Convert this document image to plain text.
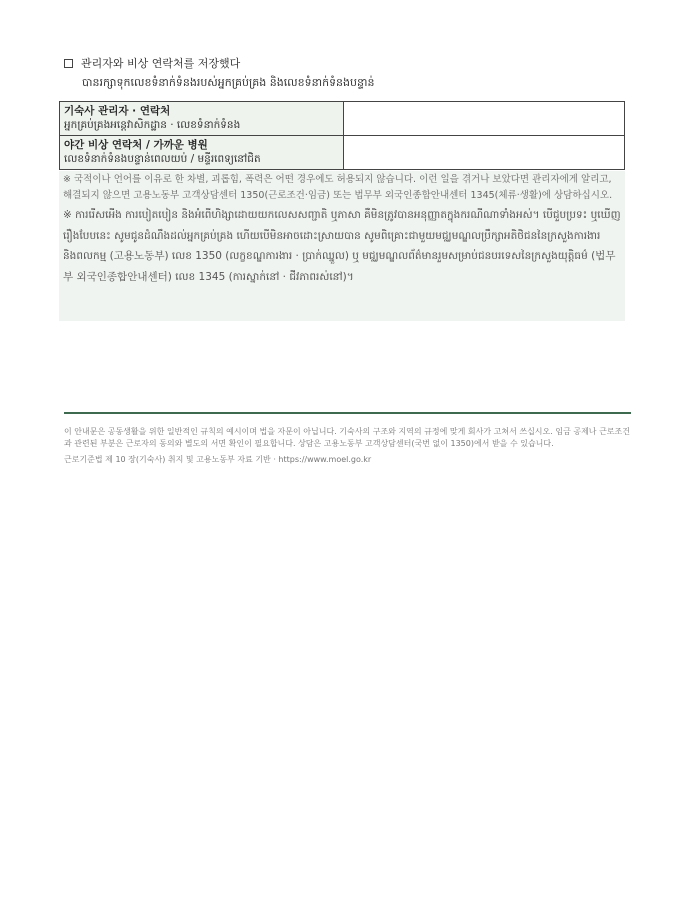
관리자와 비상 연락처를 저장했다
បានរក្សាទុកលេខទំនាក់ទំនងរបស់អ្នកគ្រប់គ្រង និងលេខទំនាក់ទំនងបន្ទាន់
기숙사 관리자 · 연락처
អ្នកគ្រប់គ្រងអន្តេវាសិកដ្ឋាន · លេខទំនាក់ទំនង

야간 비상 연락처 / 가까운 병원
លេខទំនាក់ទំនងបន្ទាន់ពេលយប់ / មន្ទីរពេទ្យនៅជិត

※ 국적이나 언어를 이유로 한 차별, 괴롭힘, 폭력은 어떤 경우에도 허용되지 않습니다. 이런 일을 겪거나 보았다면 관리자에게 알리고, 해결되지 않으면 고용노동부 고객상담센터 1350(근로조건·임금) 또는 법무부 외국인종합안내센터 1345(체류·생활)에 상담하십시오.

※ ការរើសអើង ការបៀតបៀន និងអំពើហិង្សាដោយយកលេសសញ្ជាតិ ឬភាសា គឺមិនត្រូវបានអនុញ្ញាតក្នុងករណីណាទាំងអស់។ បើជួបប្រទះ ឬឃើញរឿងបែបនេះ សូមជូនដំណឹងដល់អ្នកគ្រប់គ្រង ហើយបើមិនអាចដោះស្រាយបាន សូមពិគ្រោះជាមួយមជ្ឈមណ្ឌលប្រឹក្សាអតិថិជននៃក្រសួងការងារនិងពលកម្ម (고용노동부) លេខ 1350 (លក្ខខណ្ឌការងារ · ប្រាក់ឈ្នួល) ឬ មជ្ឈមណ្ឌលព័ត៌មានរួមសម្រាប់ជនបរទេសនៃក្រសួងយុត្តិធម៌ (법무부 외국인종합안내센터) លេខ 1345 (ការស្នាក់នៅ · ជីវភាពរស់នៅ)។

이 안내문은 공동생활을 위한 일반적인 규칙의 예시이며 법을 자문이 아닙니다. 기숙사의 구조와 지역의 규정에 맞게 회사가 고쳐서 쓰십시오. 임금 공제나 근로조건과 관련된 부분은 근로자의 동의와 별도의 서면 확인이 필요합니다. 상담은 고용노동부 고객상담센터(국번 없이 1350)에서 받을 수 있습니다.

근로기준법 제 10 장(기숙사) 취지 및 고용노동부 자료 기반 · https://www.moel.go.kr
